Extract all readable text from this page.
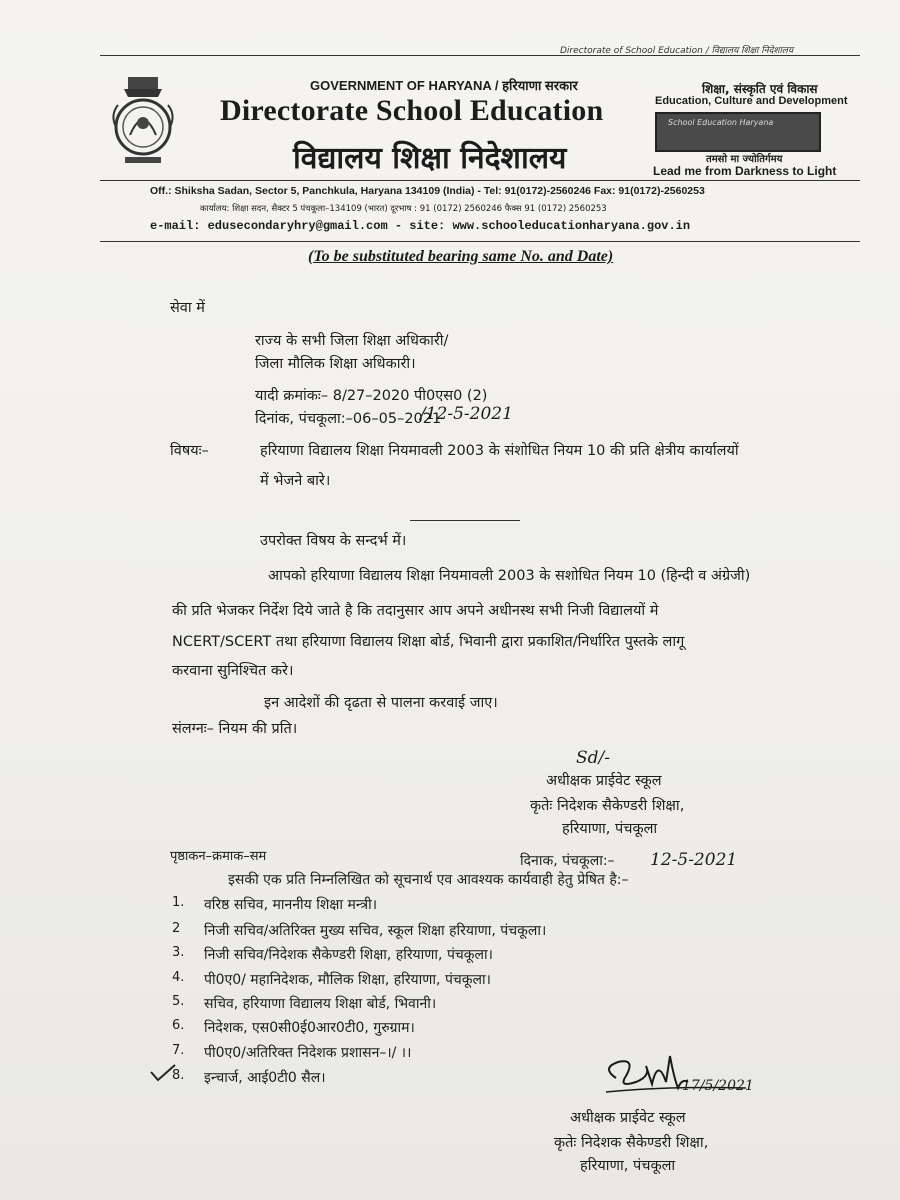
Directorate of School Education / विद्यालय शिक्षा निदेशालय
GOVERNMENT OF HARYANA / हरियाणा सरकार
Directorate School Education
विद्यालय शिक्षा निदेशालय
शिक्षा, संस्कृति एवं विकास
Education, Culture and Development
School Education Haryana
तमसो मा ज्योतिर्गमय
Lead me from Darkness to Light
Off.: Shiksha Sadan, Sector 5, Panchkula, Haryana 134109 (India) - Tel: 91(0172)-2560246 Fax: 91(0172)-2560253
कार्यालय: शिक्षा सदन, सैक्टर 5 पंचकूला–134109 (भारत) दूरभाष : 91 (0172) 2560246 फैक्स 91 (0172) 2560253
e-mail: edusecondaryhry@gmail.com - site: www.schooleducationharyana.gov.in
(To be substituted bearing same No. and Date)
सेवा में
राज्य के सभी जिला शिक्षा अधिकारी/
जिला मौलिक शिक्षा अधिकारी।
यादी क्रमांकः– 8/27–2020 पी0एस0 (2)
दिनांक, पंचकूला:–06–05–2021
/12-5-2021
विषयः–	हरियाणा विद्यालय शिक्षा नियमावली 2003 के संशोधित नियम 10 की प्रति क्षेत्रीय कार्यालयों
में भेजने बारे।
उपरोक्त विषय के सन्दर्भ में।
आपको हरियाणा विद्यालय शिक्षा नियमावली 2003 के सशोधित नियम 10 (हिन्दी व अंग्रेजी)
की प्रति भेजकर निर्देश दिये जाते है कि तदानुसार आप अपने अधीनस्थ सभी निजी विद्यालयों मे
NCERT/SCERT तथा हरियाणा विद्यालय शिक्षा बोर्ड, भिवानी द्वारा प्रकाशित/निर्धारित पुस्तके लागू
करवाना सुनिश्चित करे।
इन आदेशों की दृढता से पालना करवाई जाए।
संलग्नः– नियम की प्रति।
Sd/-
अधीक्षक प्राईवेट स्कूल
कृतेः निदेशक सैकेण्डरी शिक्षा,
हरियाणा, पंचकूला
पृष्ठाकन–क्रमाक–सम	दिनाक, पंचकूला:– 12-5-2021
इसकी एक प्रति निम्नलिखित को सूचनार्थ एव आवश्यक कार्यवाही हेतु प्रेषित है:–
1. वरिष्ठ सचिव, माननीय शिक्षा मन्त्री।
2 निजी सचिव/अतिरिक्त मुख्य सचिव, स्कूल शिक्षा हरियाणा, पंचकूला।
3. निजी सचिव/निदेशक सैकेण्डरी शिक्षा, हरियाणा, पंचकूला।
4. पी0ए0/ महानिदेशक, मौलिक शिक्षा, हरियाणा, पंचकूला।
5. सचिव, हरियाणा विद्यालय शिक्षा बोर्ड, भिवानी।
6. निदेशक, एस0सी0ई0आर0टी0, गुरुग्राम।
7. पी0ए0/अतिरिक्त निदेशक प्रशासन–।/ ।।
8. इन्चार्ज, आई0टी0 सैल।	17/5/2021
अधीक्षक प्राईवेट स्कूल
कृतेः निदेशक सैकेण्डरी शिक्षा,
हरियाणा, पंचकूला
